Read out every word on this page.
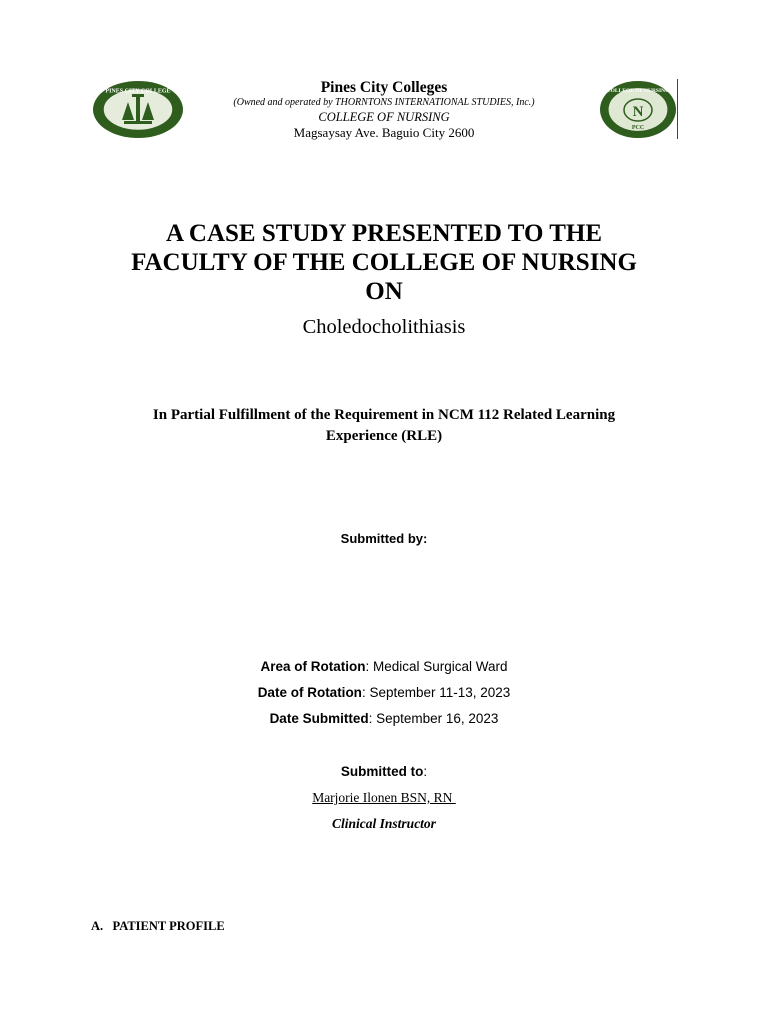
PINES CITY COLLEGE
N
PCC
COLLEGE OF NURSING
Pines City Colleges
(Owned and operated by THORNTONS INTERNATIONAL STUDIES, Inc.)
COLLEGE OF NURSING
Magsaysay Ave. Baguio City 2600
A CASE STUDY PRESENTED TO THE
FACULTY OF THE COLLEGE OF NURSING
ON
Choledocholithiasis
In Partial Fulfillment of the Requirement in NCM 112 Related Learning
Experience (RLE)
Submitted by:
Area of Rotation: Medical Surgical Ward
Date of Rotation: September 11-13, 2023
Date Submitted: September 16, 2023
Submitted to:
Marjorie Ilonen BSN, RN
Clinical Instructor
A.   PATIENT PROFILE
